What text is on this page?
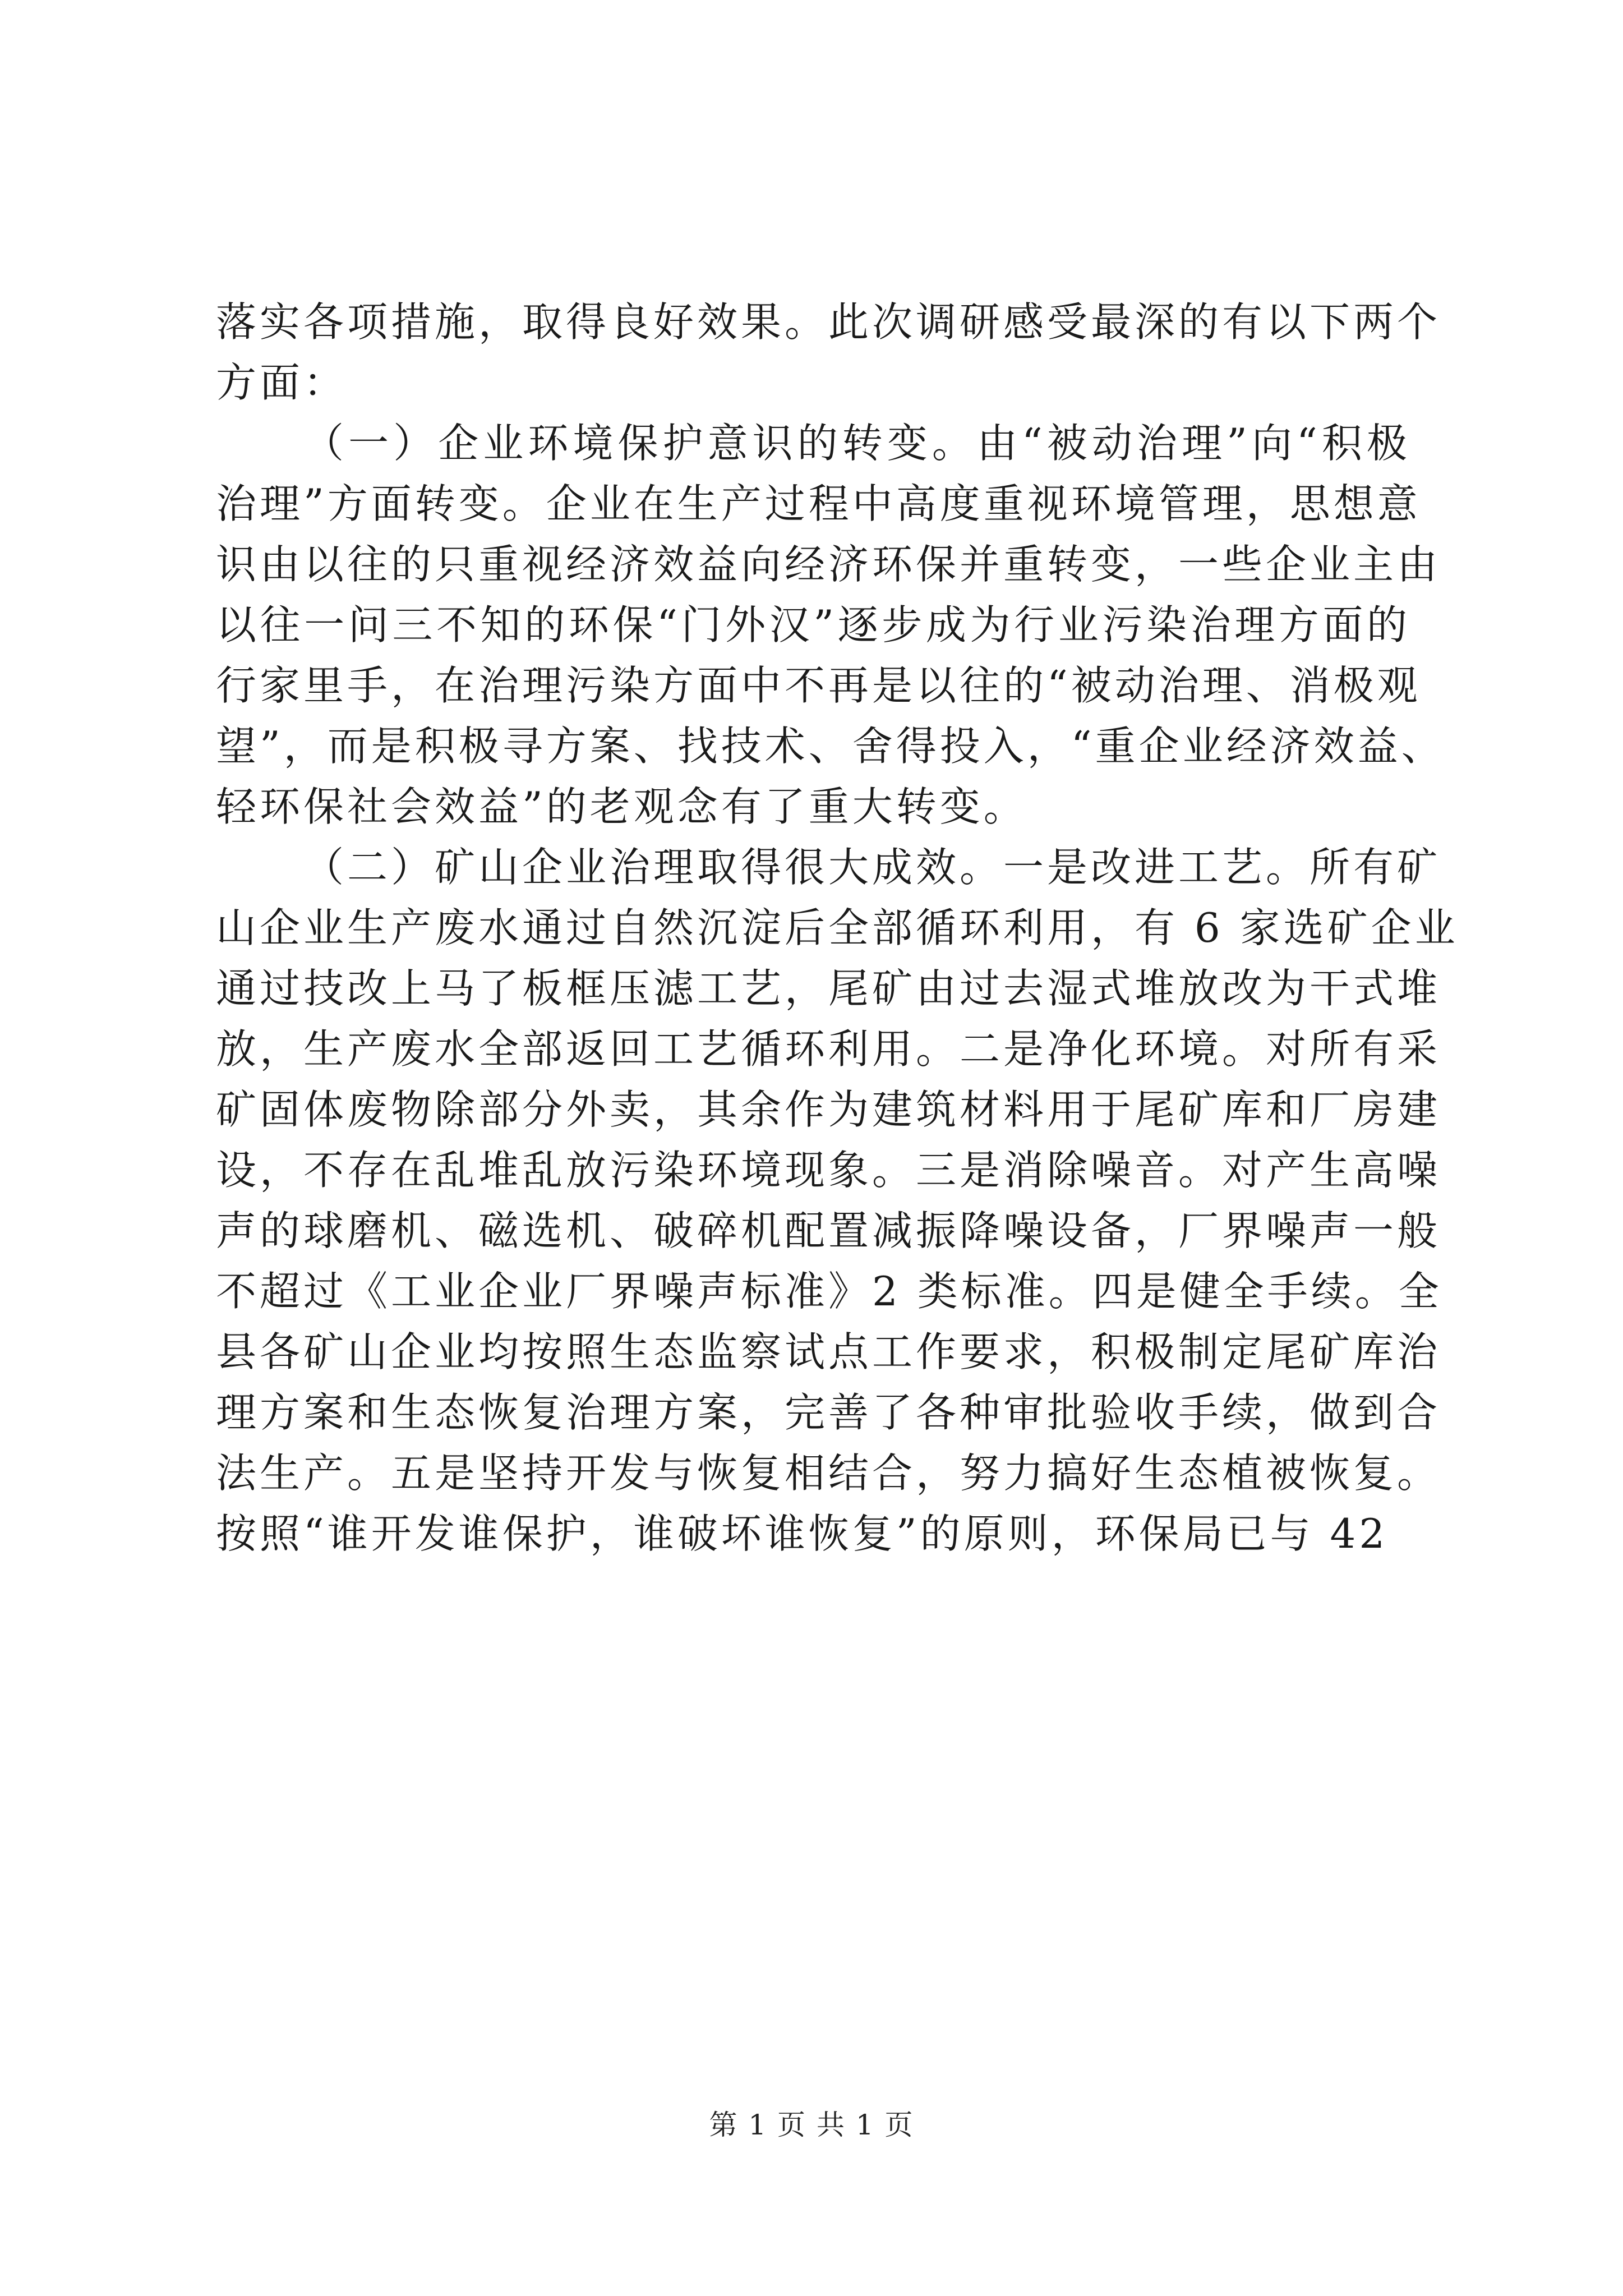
落实各项措施，取得良好效果。此次调研感受最深的有以下两个
方面：
（一）企业环境保护意识的转变。由“被动治理”向“积极
治理”方面转变。企业在生产过程中高度重视环境管理，思想意
识由以往的只重视经济效益向经济环保并重转变，一些企业主由
以往一问三不知的环保“门外汉”逐步成为行业污染治理方面的
行家里手，在治理污染方面中不再是以往的“被动治理、消极观
望”，而是积极寻方案、找技术、舍得投入，“重企业经济效益、
轻环保社会效益”的老观念有了重大转变。
（二）矿山企业治理取得很大成效。一是改进工艺。所有矿
山企业生产废水通过自然沉淀后全部循环利用，有 6 家选矿企业
通过技改上马了板框压滤工艺，尾矿由过去湿式堆放改为干式堆
放，生产废水全部返回工艺循环利用。二是净化环境。对所有采
矿固体废物除部分外卖，其余作为建筑材料用于尾矿库和厂房建
设，不存在乱堆乱放污染环境现象。三是消除噪音。对产生高噪
声的球磨机、磁选机、破碎机配置减振降噪设备，厂界噪声一般
不超过《工业企业厂界噪声标准》2 类标准。四是健全手续。全
县各矿山企业均按照生态监察试点工作要求，积极制定尾矿库治
理方案和生态恢复治理方案，完善了各种审批验收手续，做到合
法生产。五是坚持开发与恢复相结合，努力搞好生态植被恢复。
按照“谁开发谁保护，谁破坏谁恢复”的原则，环保局已与 42
第 1 页 共 1 页
